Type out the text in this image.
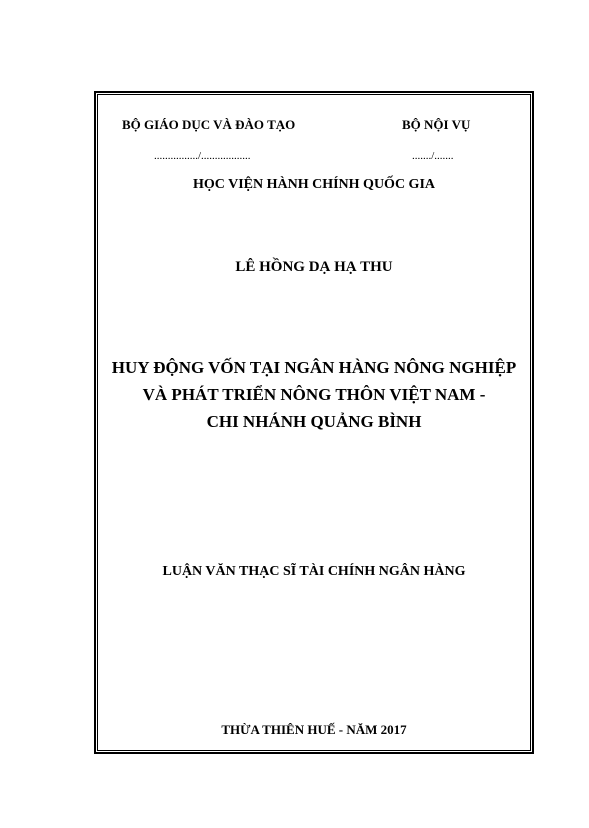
BỘ GIÁO DỤC VÀ ĐÀO TẠO	BỘ NỘI VỤ
................/..................	......./.......
HỌC VIỆN HÀNH CHÍNH QUỐC GIA
LÊ HỒNG DẠ HẠ THU
HUY ĐỘNG VỐN TẠI NGÂN HÀNG NÔNG NGHIỆP
VÀ PHÁT TRIỂN NÔNG THÔN VIỆT NAM -
CHI NHÁNH QUẢNG BÌNH
LUẬN VĂN THẠC SĨ TÀI CHÍNH NGÂN HÀNG
THỪA THIÊN HUẾ - NĂM 2017
